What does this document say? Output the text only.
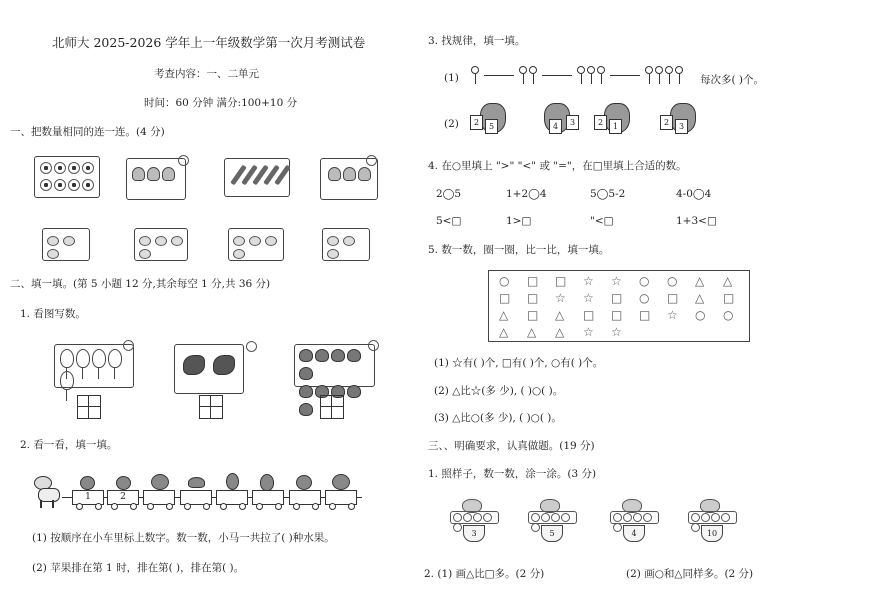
北师大 2025-2026 学年上一年级数学第一次月考测试卷
考查内容：一、二单元
时间：60 分钟 满分:100+10 分
一、把数量相同的连一连。(4 分)

二、填一填。(第 5 小题 12 分,其余每空 1 分,共 36 分)
1. 看图写数。

2. 看一看，填一填。
1	2
(1) 按顺序在小车里标上数字。数一数，小马一共拉了( )种水果。
(2) 苹果排在第 1 时，排在第( )，排在第( )。
3. 找规律，填一填。
(1)	每次多( )个。
(2)	2	5	3
4	2	1	2	3
4. 在○里填上 ">" "<" 或 "="，在□里填上合适的数。
2◯5	1+2◯4	5◯5-2	4-0◯4
5<□	1>□	"<□	1+3<□
5. 数一数，圈一圈，比一比，填一填。
○ □ □ ☆ ☆ ○ ○ △ △
□ □ ☆ ☆ □ ○ □ △ □
△ □ △ □ □ □ ☆ ○ ○
△ △ △ ☆ ☆
(1) ☆有( )个, □有( )个, ○有( )个。
(2) △比☆(多 少), ( )○( )。
(3) △比○(多 少), ( )○( )。
三、、明确要求，认真做题。(19 分)
1. 照样子，数一数，涂一涂。(3 分)
3	5	4	10
2. (1) 画△比□多。(2 分)	(2) 画○和△同样多。(2 分)
